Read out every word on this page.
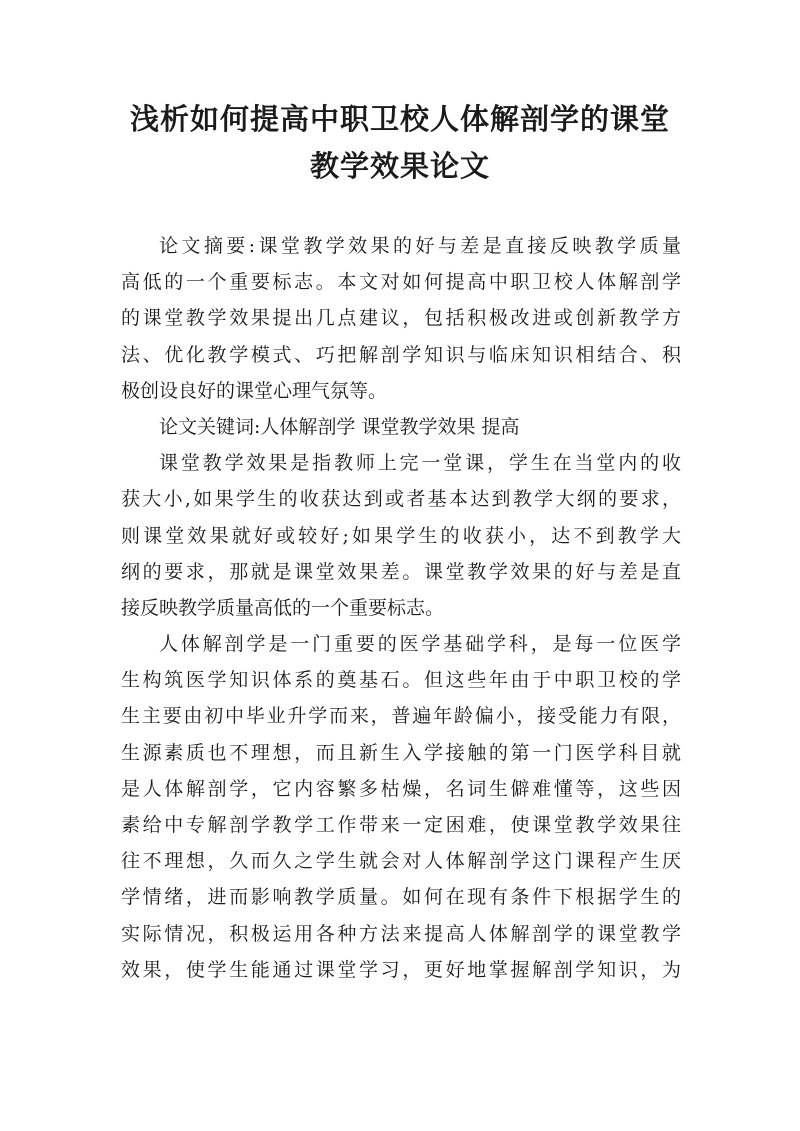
浅析如何提高中职卫校人体解剖学的课堂
教学效果论文
论文摘要:课堂教学效果的好与差是直接反映教学质量
高低的一个重要标志。本文对如何提高中职卫校人体解剖学
的课堂教学效果提出几点建议，包括积极改进或创新教学方
法、优化教学模式、巧把解剖学知识与临床知识相结合、积
极创设良好的课堂心理气氛等。
论文关键词:人体解剖学 课堂教学效果 提高
课堂教学效果是指教师上完一堂课，学生在当堂内的收
获大小,如果学生的收获达到或者基本达到教学大纲的要求，
则课堂效果就好或较好;如果学生的收获小，达不到教学大
纲的要求，那就是课堂效果差。课堂教学效果的好与差是直
接反映教学质量高低的一个重要标志。
人体解剖学是一门重要的医学基础学科，是每一位医学
生构筑医学知识体系的奠基石。但这些年由于中职卫校的学
生主要由初中毕业升学而来，普遍年龄偏小，接受能力有限，
生源素质也不理想，而且新生入学接触的第一门医学科目就
是人体解剖学，它内容繁多枯燥，名词生僻难懂等，这些因
素给中专解剖学教学工作带来一定困难，使课堂教学效果往
往不理想，久而久之学生就会对人体解剖学这门课程产生厌
学情绪，进而影响教学质量。如何在现有条件下根据学生的
实际情况，积极运用各种方法来提高人体解剖学的课堂教学
效果，使学生能通过课堂学习，更好地掌握解剖学知识，为
